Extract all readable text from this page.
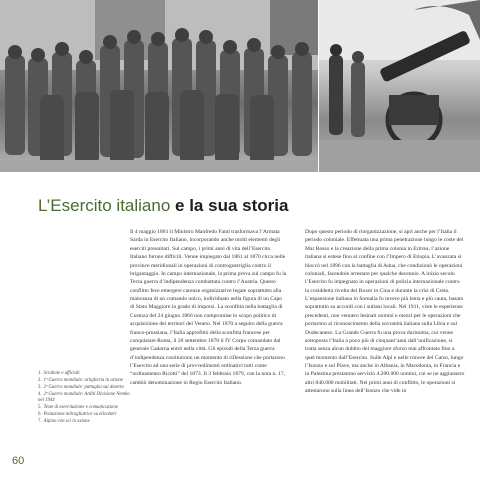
L’Esercito italiano e la sua storia
1. Sciabole e ufficiali
2. 1ª Guerra mondiale: artiglieria in azione
3. 2ª Guerra mondiale: pattuglia sul deserto
4. 2ª Guerra mondiale: Arditi Divisione Nembo nel 1944
5. Teste di esercitazione e comunicazione
6. Postazione mitragliatrice su elicotteri
7. Alpino con sci in azione

Il 4 maggio 1861 il Ministro Manfredo Fanti trasformava l’Armata Sarda in Esercito Italiano, incorporando anche molti elementi degli eserciti preunitari. Sul campo, i primi anni di vita dell’Esercito Italiano furono difficili. Venne impiegato dal 1861 al 1870 circa nelle province meridionali in operazioni di controguerriglia contro il brigantaggio. In campo internazionale, la prima prova sul campo fu la Terza guerra d’indipendenza combattuta contro l’Austria. Questo conflitto fece emergere carenze organizzative legate soprattutto alla mancanza di un comando unico, individuato nella figura di un Capo di Stato Maggiore in grado di imporsi. La sconfitta nella battaglia di Custoza del 24 giugno 1866 non compromise lo scopo politico di acquisizione dei territori del Veneto. Nel 1870 a seguito della guerra franco-prussiana, l’Italia approfittò della sconfitta francese per conquistare Roma, il 20 settembre 1870 il IV Corpo comandato dal generale Cadorna entrò nella città. Gli episodi della Terza guerra d’indipendenza costituirono un momento di riflessione che portarono l’Esercito ad una serie di provvedimenti ordinativi tutti come “ordinamento Ricotti” del 1873. Il 3 febbraio 1879, con la nota n. 17, cambiò denominazione in Regio Esercito Italiano.

Dopo questo periodo di riorganizzazione, si aprì anche per l’Italia il periodo coloniale. Effettuata una prima penetrazione lungo le coste del Mar Rosso e la creazione della prima colonia in Eritrea, l’azione italiana si estese fino al confine con l’Impero di Etiopia. L’avanzata si bloccò nel 1896 con la battaglia di Adua, che condizionò le operazioni coloniali, facendole arrestare per qualche decennio. A inizio secolo l’Esercito fu impegnato in operazioni di polizia internazionale contro la cosiddetta rivolta dei Boxer in Cina e durante la crisi di Creta. L’espansione italiana in Somalia fu invece più lenta e più cauta, basata soprattutto su accordi con i sultani locali. Nel 1911, viste le esperienze precedenti, non vennero lesinati uomini e mezzi per le operazioni che portarono al riconoscimento della sovranità italiana sulla Libia e sul Dodecaneso. La Grande Guerra fu una prova durissima, cui venne sottoposta l’Italia a poco più di cinquant’anni dall’unificazione, si tratta senza alcun dubbio del maggiore sforzo mai affrontato fino a quel momento dall’Esercito. Sulle Alpi e nelle trincee del Carso, lungo l’Isonzo e sul Piave, ma anche in Albania, in Macedonia, in Francia e in Palestina prestarono servizio 4.200.000 uomini, cui se ne aggiunsero altri 840.000 mobilitati. Nei primi anni di conflitto, le operazioni si attestarono sulla linea dell’Isonzo che vide in

60
